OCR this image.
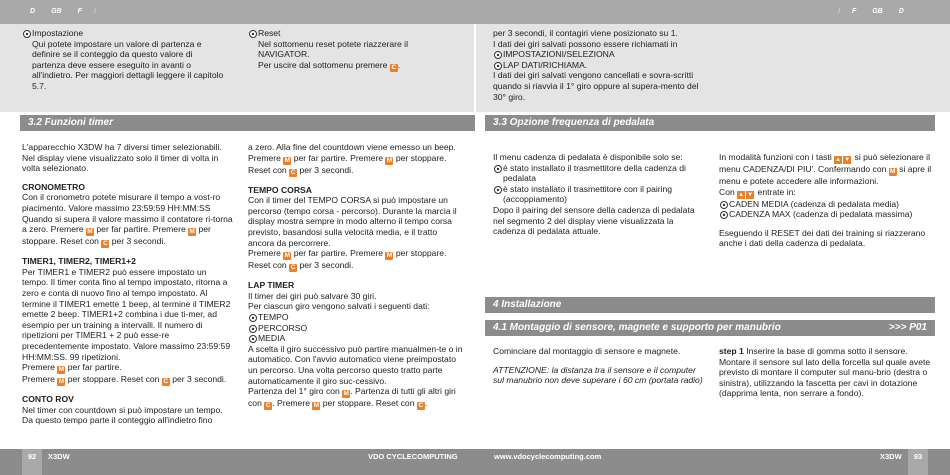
D GB F I	I F GB D
Impostazione
Qui potete impostare un valore di partenza e definire se il conteggio da questo valore di partenza deve essere eseguito in avanti o all'indietro. Per maggiori dettagli leggere il capitolo 5.7.
Reset
Nel sottomenu reset potete riazzerare il NAVIGATOR.
Per uscire dal sottomenu premere C .
per 3 secondi, il contagiri viene posizionato su 1.
I dati dei giri salvati possono essere richiamati in
IMPOSTAZIONI/SELEZIONA
LAP DATI/RICHIAMA.
I dati dei giri salvati vengono cancellati e sovra-scritti quando si riavvia il 1° giro oppure al supera-mento del 30° giro.
3.2 Funzioni timer	3.3 Opzione frequenza di pedalata

L'apparecchio X3DW ha 7 diversi timer selezionabili. Nel display viene visualizzato solo il timer di volta in volta selezionato.

CRONOMETRO

Con il cronometro potete misurare il tempo a vost-ro piacimento. Valore massimo 23:59:59 HH:MM:SS Quando si supera il valore massimo il contatore ri-torna a zero. Premere M per far partire. Premere M per stoppare. Reset con C per 3 secondi.

TIMER1, TIMER2, TIMER1+2

Per TIMER1 e TIMER2 può essere impostato un tempo. Il timer conta fino al tempo impostato, ritorna a zero e conta di nuovo fino al tempo impostato. Al termine il TIMER1 emette 1 beep, al termine il TIMER2 emette 2 beep. TIMER1+2 combina i due ti-mer, ad esempio per un training a intervalli. Il numero di ripetizioni per TIMER1 + 2 può esse-re precedentemente impostato. Valore massimo 23:59:59 HH:MM:SS. 99 ripetizioni.

Premere M per far partire.

Premere M per stoppare. Reset con C per 3 secondi.

CONTO ROV

Nel timer con countdown si può impostare un tempo. Da questo tempo parte il conteggio all'indietro fino

a zero. Alla fine del countdown viene emesso un beep.

Premere M per far partire. Premere M per stoppare.

Reset con C per 3 secondi.

TEMPO CORSA

Con il timer del TEMPO CORSA si può impostare un percorso (tempo corsa - percorso). Durante la marcia il display mostra sempre in modo alterno il tempo corsa previsto, basandosi sulla velocità media, e il tratto ancora da percorrere.

Premere M per far partire. Premere M per stoppare.

Reset con C per 3 secondi.

LAP TIMER

Il timer dei giri può salvare 30 giri.

Per ciascun giro vengono salvati i seguenti dati:

TEMPO
PERCORSO
MEDIA

A scelta il giro successivo può partire manualmen-te o in automatico. Con l'avvio automatico viene preimpostato un percorso. Una volta percorso questo tratto parte automaticamente il giro suc-cessivo.

Partenza del 1° giro con M. Partenza di tutti gli altri giri con C . Premere M per stoppare. Reset con C .

Il menu cadenza di pedalata è disponibile solo se:

è stato installato il trasmettitore della cadenza di pedalata
è stato installato il trasmettitore con il pairing (accoppiamento)

Dopo il pairing del sensore della cadenza di pedalata nel segmento 2 del display viene visualizzata la cadenza di pedalata attuale.

In modalità funzioni con i tasti ▲ ▼ si può selezionare il menu CADENZA/DI PIU'. Confermando con M si apre il menu e potete accedere alle informazioni.

Con ▲ ▼ entrate in:

CADEN MEDIA (cadenza di pedalata media)
CADENZA MAX (cadenza di pedalata massima)

Eseguendo il RESET dei dati dei training si riazzerano anche i dati della cadenza di pedalata.

4 Installazione
4.1 Montaggio di sensore, magnete e supporto per manubrio	>>> P01

Cominciare dal montaggio di sensore e magnete.

ATTENZIONE: la distanza tra il sensore e il computer sul manubrio non deve superare i 60 cm (portata radio)

step 1 Inserire la base di gomma sotto il sensore. Montare il sensore sul lato della forcella sul quale avete previsto di montare il computer sul manu-brio (destra o sinistra), utilizzando la fascetta per cavi in dotazione (dapprima lenta, non serrare a fondo).

92	X3DW	VDO CYCLECOMPUTING	www.vdocyclecomputing.com	X3DW	93
